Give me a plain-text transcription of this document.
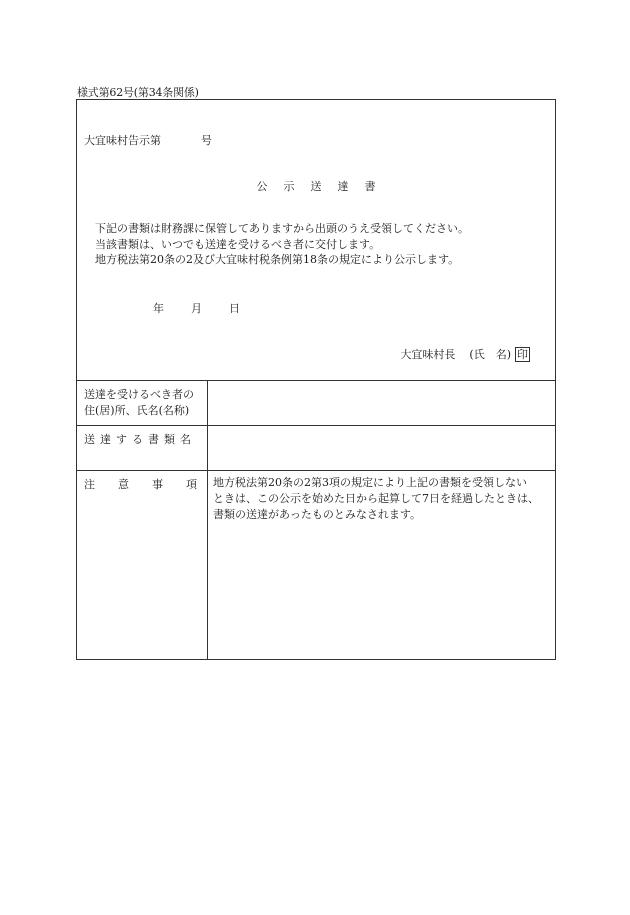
様式第62号(第34条関係)
大宜味村告示第	号
公 示 送 達 書
下記の書類は財務課に保管してありますから出頭のうえ受領してください。
当該書類は、いつでも送達を受けるべき者に交付します。
地方税法第20条の2及び大宜味村税条例第18条の規定により公示します。
年 月 日
大宜味村長 (氏　名) 印
送達を受けるべき者の
住(居)所、氏名(名称)
送 達 す る 書 類 名
注 意 事 項 地方税法第20条の2第3項の規定により上記の書類を受領しない
ときは、この公示を始めた日から起算して7日を経過したときは、
書類の送達があったものとみなされます。
